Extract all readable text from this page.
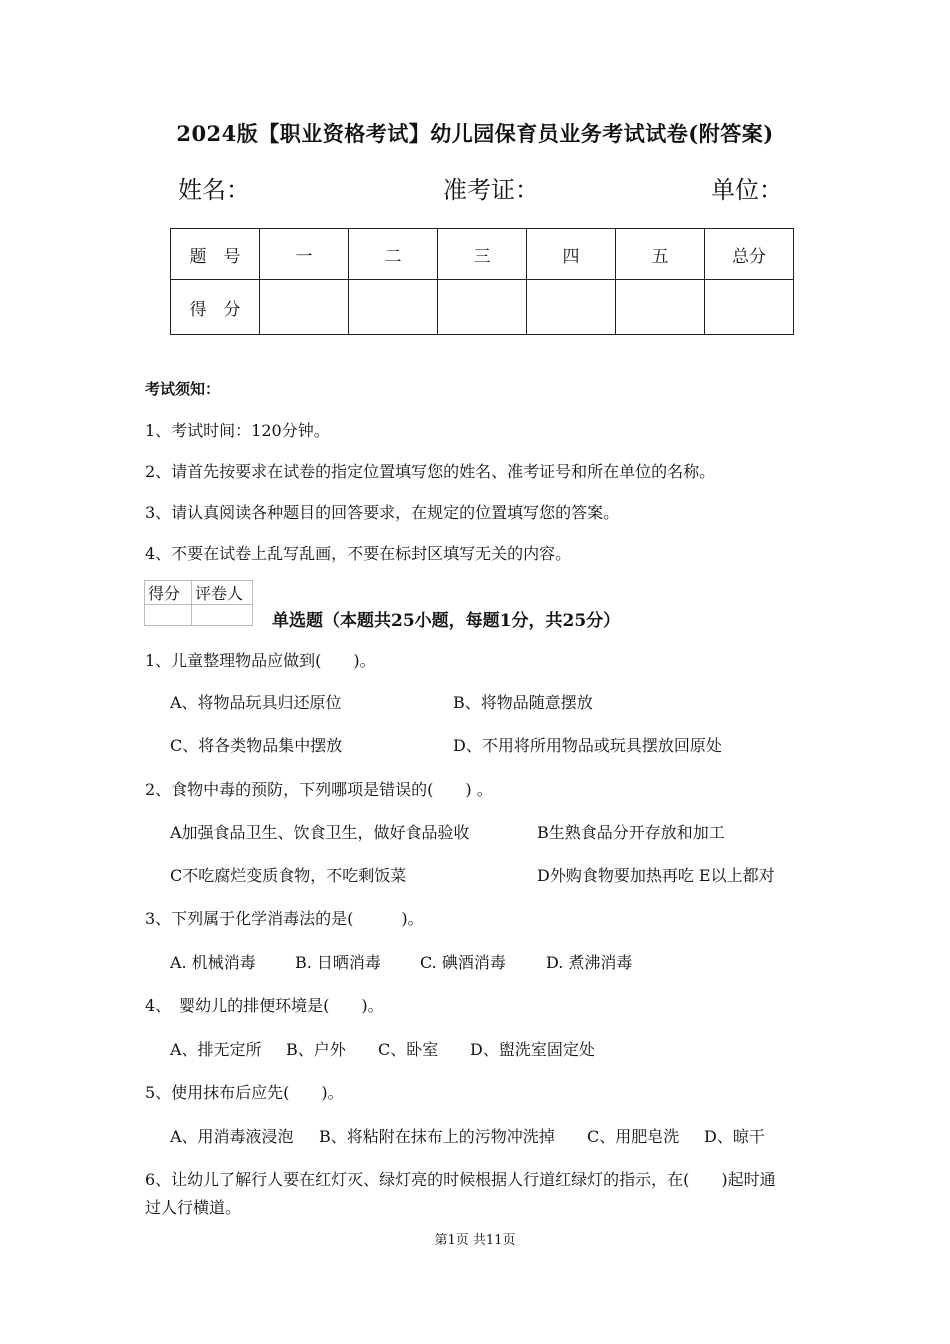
2024版【职业资格考试】幼儿园保育员业务考试试卷(附答案)
姓名：	准考证：	单位：
题　号	一	二	三	四	五	总分
得　分						
考试须知：
1、考试时间：120分钟。
2、请首先按要求在试卷的指定位置填写您的姓名、准考证号和所在单位的名称。
3、请认真阅读各种题目的回答要求，在规定的位置填写您的答案。
4、不要在试卷上乱写乱画，不要在标封区填写无关的内容。
得分	评卷人

单选题（本题共25小题，每题1分，共25分）
1、儿童整理物品应做到(　　)。
A、将物品玩具归还原位	B、将物品随意摆放
C、将各类物品集中摆放	D、不用将所用物品或玩具摆放回原处
2、食物中毒的预防，下列哪项是错误的(　　) 。
A加强食品卫生、饮食卫生，做好食品验收	B生熟食品分开存放和加工
C不吃腐烂变质食物，不吃剩饭菜	D外购食物要加热再吃 E以上都对
3、下列属于化学消毒法的是(　　　)。
A. 机械消毒 B. 日晒消毒 C. 碘酒消毒	D. 煮沸消毒
4、　婴幼儿的排便环境是(　　)。
A、排无定所 B、户外 C、卧室 D、盥洗室固定处
5、使用抹布后应先(　　)。
A、用消毒液浸泡 B、将粘附在抹布上的污物冲洗掉 C、用肥皂洗 D、晾干
6、让幼儿了解行人要在红灯灭、绿灯亮的时候根据人行道红绿灯的指示，在(　　)起时通
过人行横道。
第1页 共11页
